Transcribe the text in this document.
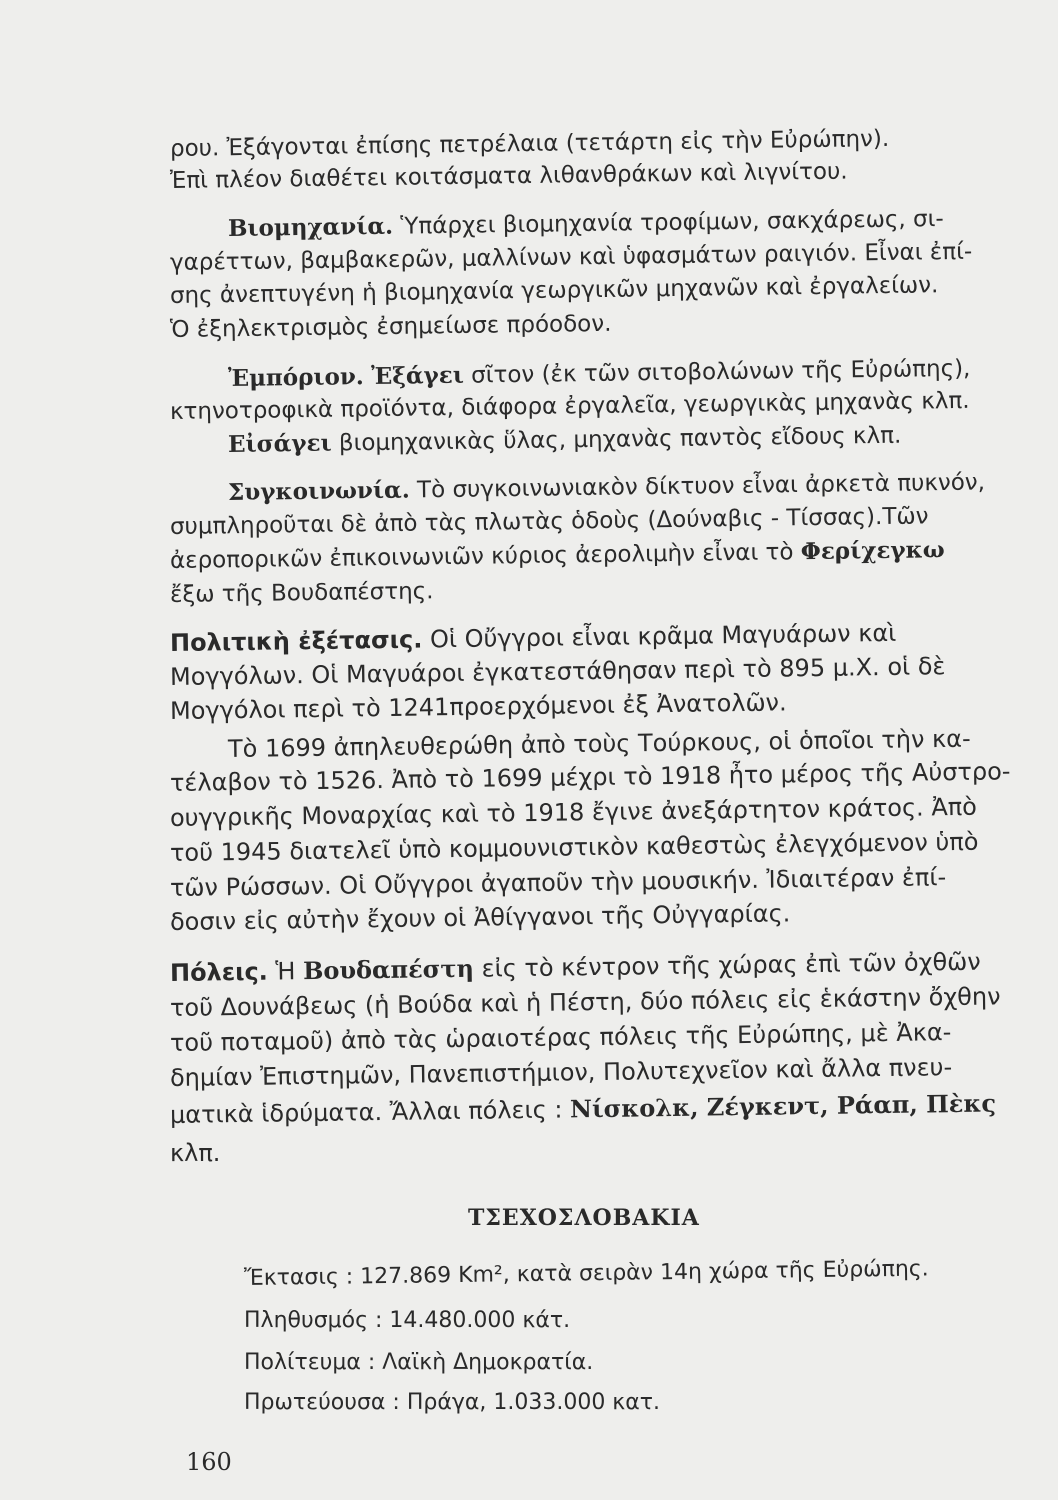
ρου. Ἐξάγονται ἐπίσης πετρέλαια (τετάρτη εἰς τὴν Εὐρώπην).
Ἐπὶ πλέον διαθέτει κοιτάσματα λιθανθράκων καὶ λιγνίτου.
Βιομηχανία. Ὑπάρχει βιομηχανία τροφίμων, σακχάρεως, σι-
γαρέττων, βαμβακερῶν, μαλλίνων καὶ ὑφασμάτων ραιγιόν. Εἶναι ἐπί-
σης ἀνεπτυγένη ἡ βιομηχανία γεωργικῶν μηχανῶν καὶ ἐργαλείων.
Ὁ ἐξηλεκτρισμὸς ἐσημείωσε πρόοδον.
Ἐμπόριον. Ἐξάγει σῖτον (ἐκ τῶν σιτοβολώνων τῆς Εὐρώπης),
κτηνοτροφικὰ προϊόντα, διάφορα ἐργαλεῖα, γεωργικὰς μηχανὰς κλπ.
Εἰσάγει βιομηχανικὰς ὕλας, μηχανὰς παντὸς εἴδους κλπ.
Συγκοινωνία. Τὸ συγκοινωνιακὸν δίκτυον εἶναι ἀρκετὰ πυκνόν,
συμπληροῦται δὲ ἀπὸ τὰς πλωτὰς ὁδοὺς (Δούναβις - Τίσσας).Τῶν
ἀεροπορικῶν ἐπικοινωνιῶν κύριος ἀερολιμὴν εἶναι τὸ Φερίχεγκω
ἔξω τῆς Βουδαπέστης.
Πολιτικὴ ἐξέτασις. Οἱ Οὔγγροι εἶναι κρᾶμα Μαγυάρων καὶ
Μογγόλων. Οἱ Μαγυάροι ἐγκατεστάθησαν περὶ τὸ 895 μ.Χ. οἱ δὲ
Μογγόλοι περὶ τὸ 1241προερχόμενοι ἐξ Ἀνατολῶν.
Τὸ 1699 ἀπηλευθερώθη ἀπὸ τοὺς Τούρκους, οἱ ὁποῖοι τὴν κα-
τέλαβον τὸ 1526. Ἀπὸ τὸ 1699 μέχρι τὸ 1918 ἦτο μέρος τῆς Αὐστρο-
ουγγρικῆς Μοναρχίας καὶ τὸ 1918 ἔγινε ἀνεξάρτητον κράτος. Ἀπὸ
τοῦ 1945 διατελεῖ ὑπὸ κομμουνιστικὸν καθεστὼς ἐλεγχόμενον ὑπὸ
τῶν Ρώσσων. Οἱ Οὔγγροι ἀγαποῦν τὴν μουσικήν. Ἰδιαιτέραν ἐπί-
δοσιν εἰς αὐτὴν ἔχουν οἱ Ἀθίγγανοι τῆς Οὐγγαρίας.
Πόλεις. Ἡ Βουδαπέστη εἰς τὸ κέντρον τῆς χώρας ἐπὶ τῶν ὀχθῶν
τοῦ Δουνάβεως (ἡ Βούδα καὶ ἡ Πέστη, δύο πόλεις εἰς ἑκάστην ὄχθην
τοῦ ποταμοῦ) ἀπὸ τὰς ὡραιοτέρας πόλεις τῆς Εὐρώπης, μὲ Ἀκα-
δημίαν Ἐπιστημῶν, Πανεπιστήμιον, Πολυτεχνεῖον καὶ ἄλλα πνευ-
ματικὰ ἱδρύματα. Ἄλλαι πόλεις : Νίσκολκ, Ζέγκεντ, Ράαπ, Πὲκς
κλπ.
ΤΣΕΧΟΣΛΟΒΑΚΙΑ
Ἔκτασις : 127.869 Km², κατὰ σειρὰν 14η χώρα τῆς Εὐρώπης.
Πληθυσμός : 14.480.000 κάτ.
Πολίτευμα : Λαϊκὴ Δημοκρατία.
Πρωτεύουσα : Πράγα, 1.033.000 κατ.
160
